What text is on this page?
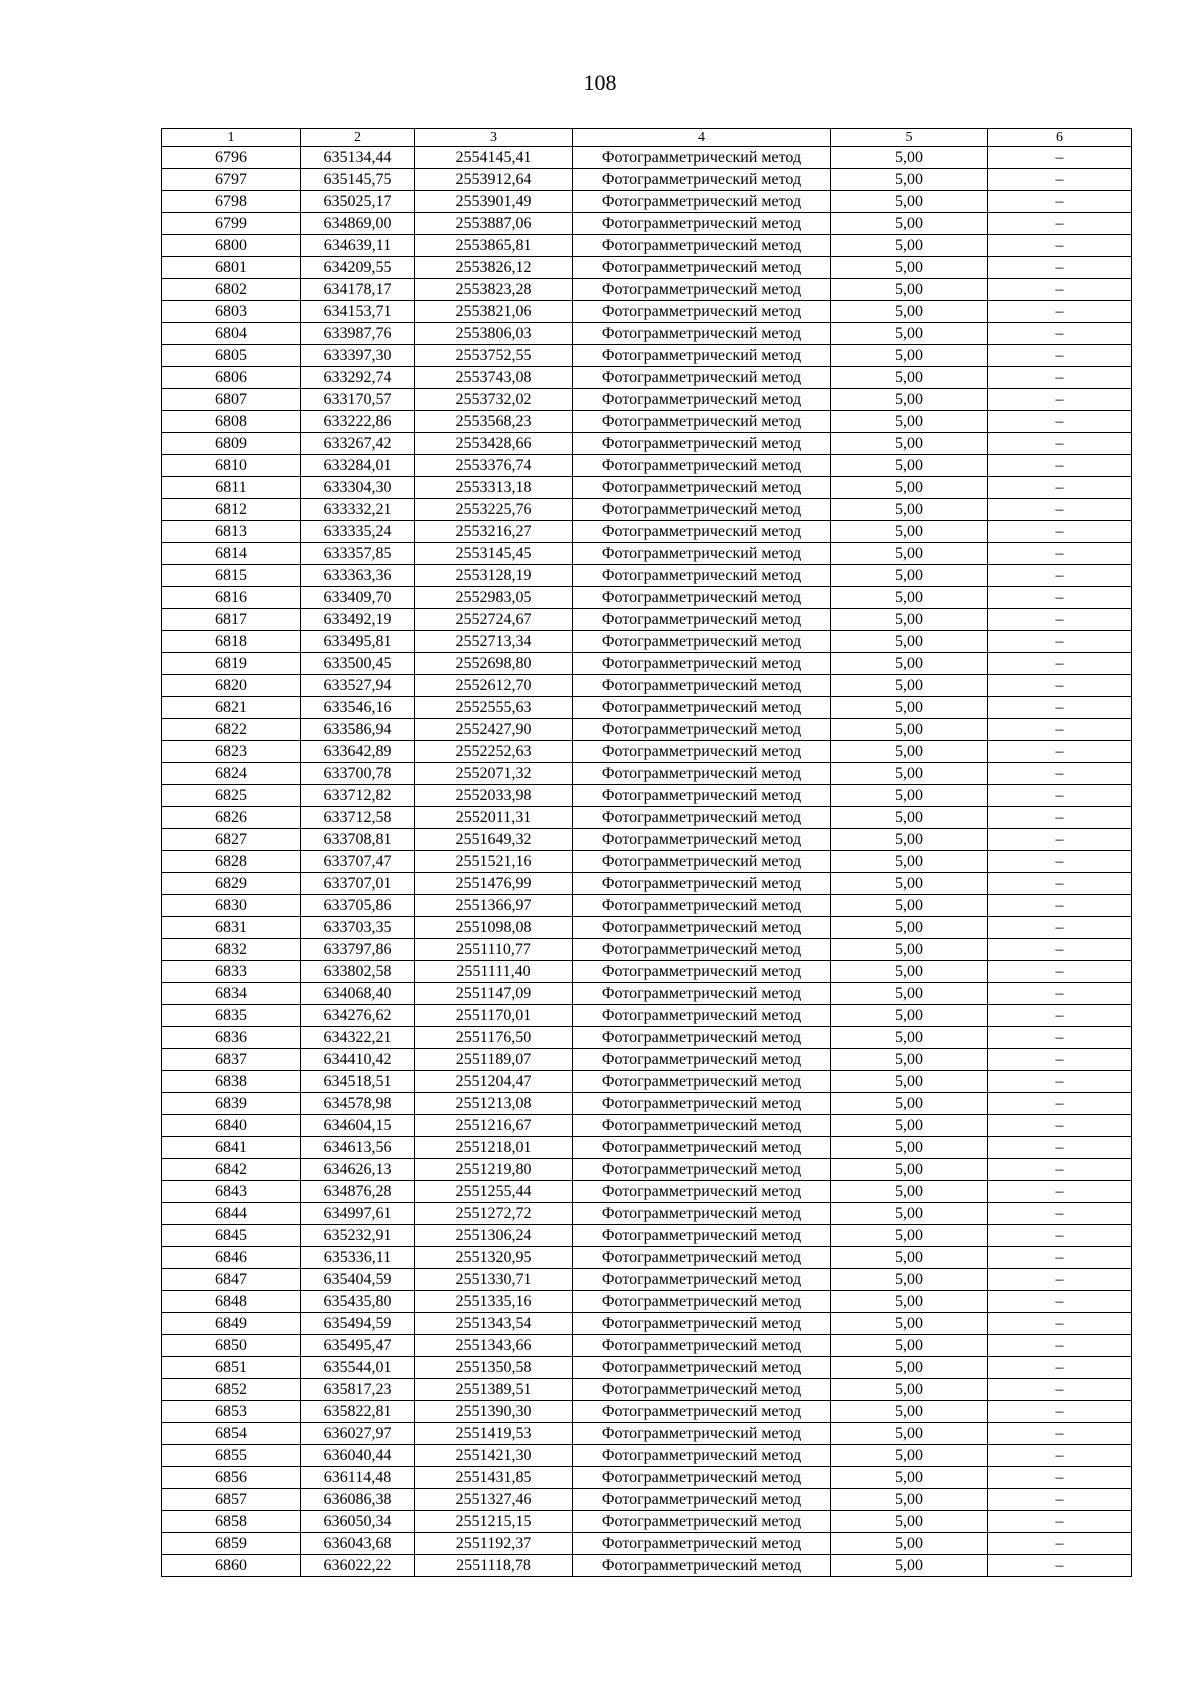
108
1	2	3	4	5	6
6796	635134,44	2554145,41	Фотограмметрический метод	5,00	–
6797	635145,75	2553912,64	Фотограмметрический метод	5,00	–
6798	635025,17	2553901,49	Фотограмметрический метод	5,00	–
6799	634869,00	2553887,06	Фотограмметрический метод	5,00	–
6800	634639,11	2553865,81	Фотограмметрический метод	5,00	–
6801	634209,55	2553826,12	Фотограмметрический метод	5,00	–
6802	634178,17	2553823,28	Фотограмметрический метод	5,00	–
6803	634153,71	2553821,06	Фотограмметрический метод	5,00	–
6804	633987,76	2553806,03	Фотограмметрический метод	5,00	–
6805	633397,30	2553752,55	Фотограмметрический метод	5,00	–
6806	633292,74	2553743,08	Фотограмметрический метод	5,00	–
6807	633170,57	2553732,02	Фотограмметрический метод	5,00	–
6808	633222,86	2553568,23	Фотограмметрический метод	5,00	–
6809	633267,42	2553428,66	Фотограмметрический метод	5,00	–
6810	633284,01	2553376,74	Фотограмметрический метод	5,00	–
6811	633304,30	2553313,18	Фотограмметрический метод	5,00	–
6812	633332,21	2553225,76	Фотограмметрический метод	5,00	–
6813	633335,24	2553216,27	Фотограмметрический метод	5,00	–
6814	633357,85	2553145,45	Фотограмметрический метод	5,00	–
6815	633363,36	2553128,19	Фотограмметрический метод	5,00	–
6816	633409,70	2552983,05	Фотограмметрический метод	5,00	–
6817	633492,19	2552724,67	Фотограмметрический метод	5,00	–
6818	633495,81	2552713,34	Фотограмметрический метод	5,00	–
6819	633500,45	2552698,80	Фотограмметрический метод	5,00	–
6820	633527,94	2552612,70	Фотограмметрический метод	5,00	–
6821	633546,16	2552555,63	Фотограмметрический метод	5,00	–
6822	633586,94	2552427,90	Фотограмметрический метод	5,00	–
6823	633642,89	2552252,63	Фотограмметрический метод	5,00	–
6824	633700,78	2552071,32	Фотограмметрический метод	5,00	–
6825	633712,82	2552033,98	Фотограмметрический метод	5,00	–
6826	633712,58	2552011,31	Фотограмметрический метод	5,00	–
6827	633708,81	2551649,32	Фотограмметрический метод	5,00	–
6828	633707,47	2551521,16	Фотограмметрический метод	5,00	–
6829	633707,01	2551476,99	Фотограмметрический метод	5,00	–
6830	633705,86	2551366,97	Фотограмметрический метод	5,00	–
6831	633703,35	2551098,08	Фотограмметрический метод	5,00	–
6832	633797,86	2551110,77	Фотограмметрический метод	5,00	–
6833	633802,58	2551111,40	Фотограмметрический метод	5,00	–
6834	634068,40	2551147,09	Фотограмметрический метод	5,00	–
6835	634276,62	2551170,01	Фотограмметрический метод	5,00	–
6836	634322,21	2551176,50	Фотограмметрический метод	5,00	–
6837	634410,42	2551189,07	Фотограмметрический метод	5,00	–
6838	634518,51	2551204,47	Фотограмметрический метод	5,00	–
6839	634578,98	2551213,08	Фотограмметрический метод	5,00	–
6840	634604,15	2551216,67	Фотограмметрический метод	5,00	–
6841	634613,56	2551218,01	Фотограмметрический метод	5,00	–
6842	634626,13	2551219,80	Фотограмметрический метод	5,00	–
6843	634876,28	2551255,44	Фотограмметрический метод	5,00	–
6844	634997,61	2551272,72	Фотограмметрический метод	5,00	–
6845	635232,91	2551306,24	Фотограмметрический метод	5,00	–
6846	635336,11	2551320,95	Фотограмметрический метод	5,00	–
6847	635404,59	2551330,71	Фотограмметрический метод	5,00	–
6848	635435,80	2551335,16	Фотограмметрический метод	5,00	–
6849	635494,59	2551343,54	Фотограмметрический метод	5,00	–
6850	635495,47	2551343,66	Фотограмметрический метод	5,00	–
6851	635544,01	2551350,58	Фотограмметрический метод	5,00	–
6852	635817,23	2551389,51	Фотограмметрический метод	5,00	–
6853	635822,81	2551390,30	Фотограмметрический метод	5,00	–
6854	636027,97	2551419,53	Фотограмметрический метод	5,00	–
6855	636040,44	2551421,30	Фотограмметрический метод	5,00	–
6856	636114,48	2551431,85	Фотограмметрический метод	5,00	–
6857	636086,38	2551327,46	Фотограмметрический метод	5,00	–
6858	636050,34	2551215,15	Фотограмметрический метод	5,00	–
6859	636043,68	2551192,37	Фотограмметрический метод	5,00	–
6860	636022,22	2551118,78	Фотограмметрический метод	5,00	–
